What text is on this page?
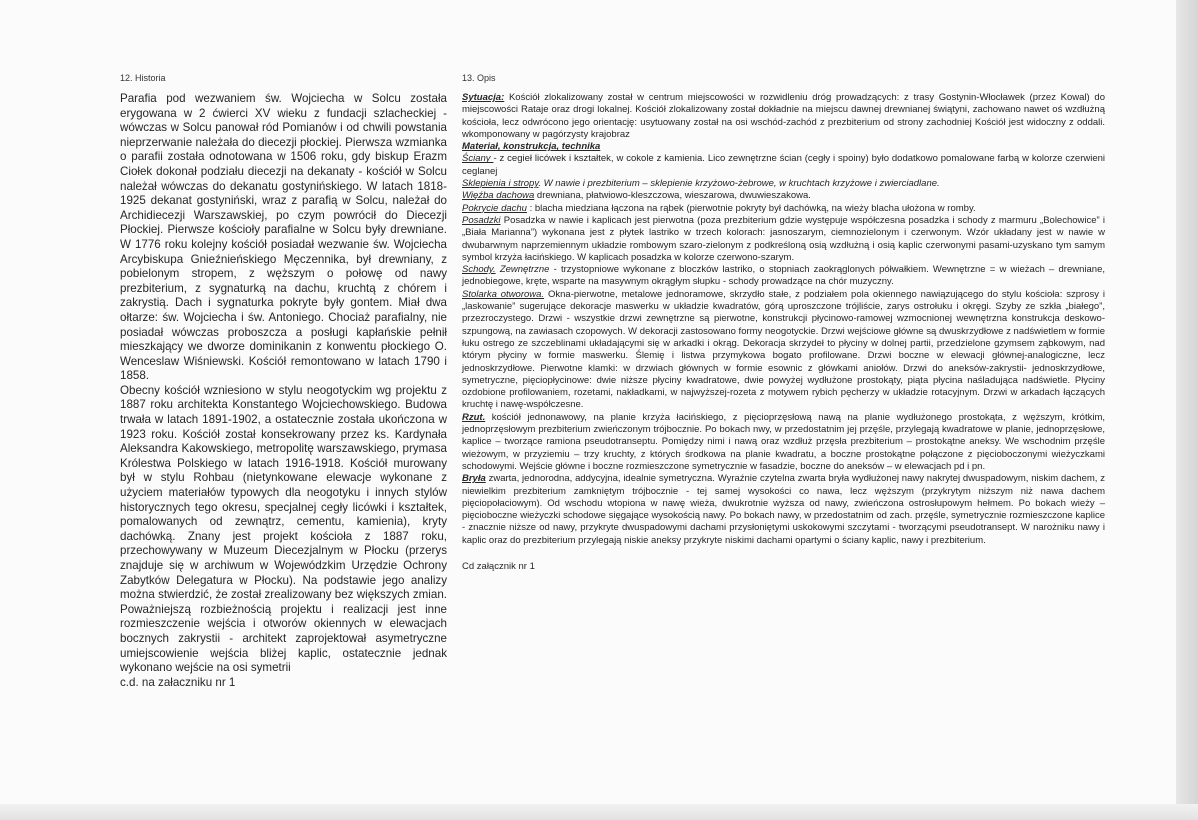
12. Historia

Parafia pod wezwaniem św. Wojciecha w Solcu została erygowana w 2 ćwierci XV wieku z fundacji szlacheckiej - wówczas w Solcu panował ród Pomianów i od chwili powstania nieprzerwanie należała do diecezji płockiej. Pierwsza wzmianka o parafii została odnotowana w 1506 roku, gdy biskup Erazm Ciołek dokonał podziału diecezji na dekanaty - kościół w Solcu należał wówczas do dekanatu gostynińskiego. W latach 1818-1925 dekanat gostyniński, wraz z parafią w Solcu, należał do Archidiecezji Warszawskiej, po czym powrócił do Diecezji Płockiej. Pierwsze kościoły parafialne w Solcu były drewniane. W 1776 roku kolejny kościół posiadał wezwanie św. Wojciecha Arcybiskupa Gnieźnieńskiego Męczennika, był drewniany, z pobielonym stropem, z węższym o połowę od nawy prezbiterium, z sygnaturką na dachu, kruchtą z chórem i zakrystią. Dach i sygnaturka pokryte były gontem. Miał dwa ołtarze: św. Wojciecha i św. Antoniego. Chociaż parafialny, nie posiadał wówczas proboszcza a posługi kapłańskie pełnił mieszkający we dworze dominikanin z konwentu płockiego O. Wenceslaw Wiśniewski. Kościół remontowano w latach 1790 i 1858.

Obecny kościół wzniesiono w stylu neogotyckim wg projektu z 1887 roku architekta Konstantego Wojciechowskiego. Budowa trwała w latach 1891-1902, a ostatecznie została ukończona w 1923 roku. Kościół został konsekrowany przez ks. Kardynała Aleksandra Kakowskiego, metropolitę warszawskiego, prymasa Królestwa Polskiego w latach 1916-1918. Kościół murowany był w stylu Rohbau (nietynkowane elewacje wykonane z użyciem materiałów typowych dla neogotyku i innych stylów historycznych tego okresu, specjalnej cegły licówki i kształtek, pomalowanych od zewnątrz, cementu, kamienia), kryty dachówką. Znany jest projekt kościoła z 1887 roku, przechowywany w Muzeum Diecezjalnym w Płocku (przerys znajduje się w archiwum w Wojewódzkim Urzędzie Ochrony Zabytków Delegatura w Płocku). Na podstawie jego analizy można stwierdzić, że został zrealizowany bez większych zmian. Poważniejszą rozbieżnością projektu i realizacji jest inne rozmieszczenie wejścia i otworów okiennych w elewacjach bocznych zakrystii - architekt zaprojektował asymetryczne umiejscowienie wejścia bliżej kaplic, ostatecznie jednak wykonano wejście na osi symetrii

c.d. na załaczniku nr 1

13. Opis

Sytuacja: Kościół zlokalizowany został w centrum miejscowości w rozwidleniu dróg prowadzących: z trasy Gostynin-Włocławek (przez Kowal) do miejscowości Rataje oraz drogi lokalnej. Kościół zlokalizowany został dokładnie na miejscu dawnej drewnianej świątyni, zachowano nawet oś wzdłużną kościoła, lecz odwrócono jego orientację: usytuowany został na osi wschód-zachód z prezbiterium od strony zachodniej Kościół jest widoczny z oddali. wkomponowany w pagórzysty krajobraz

Materiał, konstrukcja, technika

Ściany - z cegieł licówek i kształtek, w cokole z kamienia. Lico zewnętrzne ścian (cegły i spoiny) było dodatkowo pomalowane farbą w kolorze czerwieni ceglanej

Sklepienia i stropy. W nawie i prezbiterium – sklepienie krzyżowo-żebrowe, w kruchtach krzyżowe i zwierciadlane.

Więźba dachowa drewniana, płatwiowo-kleszczowa, wieszarowa, dwuwieszakowa.

Pokrycie dachu : blacha miedziana łączona na rąbek (pierwotnie pokryty był dachówką, na wieży blacha ułożona w romby.

Posadzki Posadzka w nawie i kaplicach jest pierwotna (poza prezbiterium gdzie występuje współczesna posadzka i schody z marmuru „Bolechowice” i „Biała Marianna”) wykonana jest z płytek lastriko w trzech kolorach: jasnoszarym, ciemnozielonym i czerwonym. Wzór układany jest w nawie w dwubarwnym naprzemiennym układzie rombowym szaro-zielonym z podkreśloną osią wzdłużną i osią kaplic czerwonymi pasami-uzyskano tym samym symbol krzyża łacińskiego. W kaplicach posadzka w kolorze czerwono-szarym.

Schody. Zewnętrzne - trzystopniowe wykonane z bloczków lastriko, o stopniach zaokrąglonych półwałkiem. Wewnętrzne = w wieżach – drewniane, jednobiegowe, kręte, wsparte na masywnym okrągłym słupku - schody prowadzące na chór muzyczny.

Stolarka otworowa. Okna-pierwotne, metalowe jednoramowe, skrzydło stałe, z podziałem pola okiennego nawiązującego do stylu kościoła: szprosy i „laskowanie” sugerujące dekoracje maswerku w układzie kwadratów, górą uproszczone trójliście, zarys ostrołuku i okręgi. Szyby ze szkła „białego”, przezroczystego. Drzwi - wszystkie drzwi zewnętrzne są pierwotne, konstrukcji płycinowo-ramowej wzmocnionej wewnętrzna konstrukcja deskowo-szpungową, na zawiasach czopowych. W dekoracji zastosowano formy neogotyckie. Drzwi wejściowe główne są dwuskrzydłowe z nadświetlem w formie łuku ostrego ze szczeblinami układającymi się w arkadki i okrąg. Dekoracja skrzydeł to płyciny w dolnej partii, przedzielone gzymsem ząbkowym, nad którym płyciny w formie maswerku. Ślemię i listwa przymykowa bogato profilowane. Drzwi boczne w elewacji głównej-analogiczne, lecz jednoskrzydłowe. Pierwotne klamki: w drzwiach głównych w formie esownic z główkami aniołów. Drzwi do aneksów-zakrystii- jednoskrzydłowe, symetryczne, pięciopłycinowe: dwie niższe płyciny kwadratowe, dwie powyżej wydłużone prostokąty, piąta płycina naśladująca nadświetle. Płyciny ozdobione profilowaniem, rozetami, nakładkami, w najwyższej-rozeta z motywem rybich pęcherzy w układzie rotacyjnym. Drzwi w arkadach łączących kruchtę i nawę-współczesne.

Rzut. kościół jednonawowy, na planie krzyża łacińskiego, z pięcioprzęsłową nawą na planie wydłużonego prostokąta, z węższym, krótkim, jednoprzęsłowym prezbiterium zwieńczonym trójbocznie. Po bokach nwy, w przedostatnim jej przęśle, przylegają kwadratowe w planie, jednoprzęsłowe, kaplice – tworzące ramiona pseudotranseptu. Pomiędzy nimi i nawą oraz wzdłuż przęsła prezbiterium – prostokątne aneksy. We wschodnim przęśle wieżowym, w przyziemiu – trzy kruchty, z których środkowa na planie kwadratu, a boczne prostokątne połączone z pięcioboczonymi wieżyczkami schodowymi. Wejście główne i boczne rozmieszczone symetrycznie w fasadzie, boczne do aneksów – w elewacjach pd i pn.

Bryła zwarta, jednorodna, addycyjna, idealnie symetryczna. Wyraźnie czytelna zwarta bryła wydłużonej nawy nakrytej dwuspadowym, niskim dachem, z niewielkim prezbiterium zamkniętym trójbocznie - tej samej wysokości co nawa, lecz węższym (przykrytym niższym niż nawa dachem pięciopołaciowym). Od wschodu wtopiona w nawę wieża, dwukrotnie wyższa od nawy, zwieńczona ostrosłupowym hełmem. Po bokach wieży – pięcioboczne wieżyczki schodowe sięgające wysokością nawy. Po bokach nawy, w przedostatnim od zach. przęśle, symetrycznie rozmieszczone kaplice - znacznie niższe od nawy, przykryte dwuspadowymi dachami przysłoniętymi uskokowymi szczytami - tworzącymi pseudotransept. W narożniku nawy i kaplic oraz do prezbiterium przylegają niskie aneksy przykryte niskimi dachami opartymi o ściany kaplic, nawy i prezbiterium.

Cd załącznik nr 1
